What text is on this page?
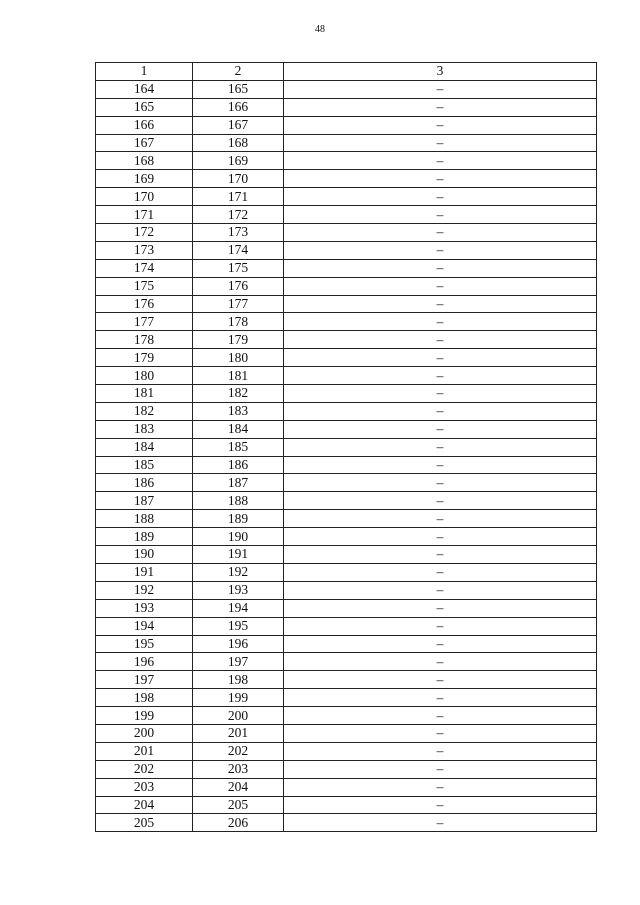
48
1	2	3
164	165	–
165	166	–
166	167	–
167	168	–
168	169	–
169	170	–
170	171	–
171	172	–
172	173	–
173	174	–
174	175	–
175	176	–
176	177	–
177	178	–
178	179	–
179	180	–
180	181	–
181	182	–
182	183	–
183	184	–
184	185	–
185	186	–
186	187	–
187	188	–
188	189	–
189	190	–
190	191	–
191	192	–
192	193	–
193	194	–
194	195	–
195	196	–
196	197	–
197	198	–
198	199	–
199	200	–
200	201	–
201	202	–
202	203	–
203	204	–
204	205	–
205	206	–
